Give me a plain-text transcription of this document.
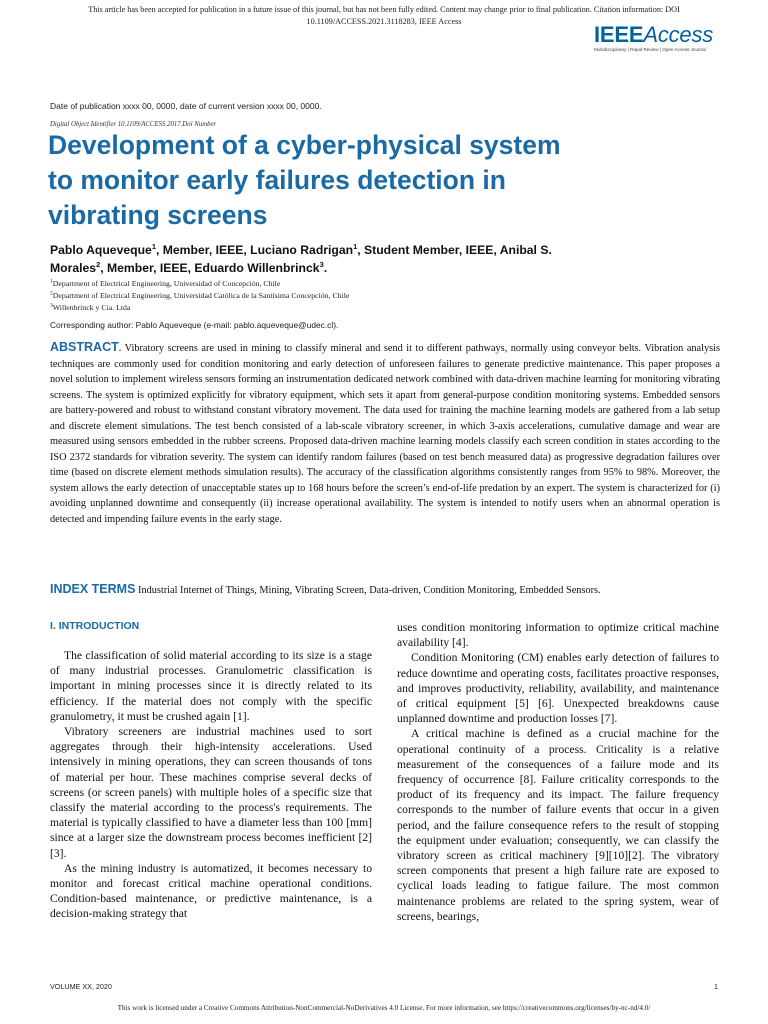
This article has been accepted for publication in a future issue of this journal, but has not been fully edited. Content may change prior to final publication. Citation information: DOI
10.1109/ACCESS.2021.3118283, IEEE Access
IEEEAccess
Multidisciplinary | Rapid Review | Open Access Journal
Date of publication xxxx 00, 0000, date of current version xxxx 00, 0000.
Digital Object Identifier 10.1109/ACCESS.2017.Doi Number
Development of a cyber-physical system
to monitor early failures detection in
vibrating screens
Pablo Aqueveque$^1$, Member, IEEE, Luciano Radrigan$^1$, Student Member, IEEE, Anibal S.
Morales$^2$, Member, IEEE, Eduardo Willenbrinck$^3$.
$^1$Department of Electrical Engineering, Universidad of Concepción, Chile
$^2$Department of Electrical Engineering, Universidad Católica de la Santísima Concepción, Chile
$^3$Willenbrinck y Cia. Ltda
Corresponding author: Pablo Aqueveque (e-mail: pablo.aqueveque@udec.cl).
ABSTRACT. Vibratory screens are used in mining to classify mineral and send it to different pathways, normally using conveyor belts. Vibration analysis techniques are commonly used for condition monitoring and early detection of unforeseen failures to generate predictive maintenance. This paper proposes a novel solution to implement wireless sensors forming an instrumentation dedicated network combined with data-driven machine learning for monitoring vibrating screens. The system is optimized explicitly for vibratory equipment, which sets it apart from general-purpose condition monitoring systems. Embedded sensors are battery-powered and robust to withstand constant vibratory movement. The data used for training the machine learning models are gathered from a lab setup and discrete element simulations. The test bench consisted of a lab-scale vibratory screener, in which 3-axis accelerations, cumulative damage and wear are measured using sensors embedded in the rubber screens. Proposed data-driven machine learning models classify each screen condition in states according to the ISO 2372 standards for vibration severity. The system can identify random failures (based on test bench measured data) as progressive degradation failures over time (based on discrete element methods simulation results). The accuracy of the classification algorithms consistently ranges from 95% to 98%. Moreover, the system allows the early detection of unacceptable states up to 168 hours before the screen’s end-of-life predation by an expert. The system is characterized for (i) avoiding unplanned downtime and consequently (ii) increase operational availability. The system is intended to notify users when an abnormal operation is detected and impending failure events in the early stage.
INDEX TERMS Industrial Internet of Things, Mining, Vibrating Screen, Data-driven, Condition Monitoring, Embedded Sensors.
I. INTRODUCTION

The classification of solid material according to its size is a stage of many industrial processes. Granulometric classification is important in mining processes since it is directly related to its efficiency. If the material does not comply with the specific granulometry, it must be crushed again [1].

Vibratory screeners are industrial machines used to sort aggregates through their high-intensity accelerations. Used intensively in mining operations, they can screen thousands of tons of material per hour. These machines comprise several decks of screens (or screen panels) with multiple holes of a specific size that classify the material according to the process's requirements. The material is typically classified to have a diameter less than 100 [mm] since at a larger size the downstream process becomes inefficient [2] [3].

As the mining industry is automatized, it becomes necessary to monitor and forecast critical machine operational conditions. Condition-based maintenance, or predictive maintenance, is a decision-making strategy that

uses condition monitoring information to optimize critical machine availability [4].

Condition Monitoring (CM) enables early detection of failures to reduce downtime and operating costs, facilitates proactive responses, and improves productivity, reliability, availability, and maintenance of critical equipment [5] [6]. Unexpected breakdowns cause unplanned downtime and production losses [7].

A critical machine is defined as a crucial machine for the operational continuity of a process. Criticality is a relative measurement of the consequences of a failure mode and its frequency of occurrence [8]. Failure criticality corresponds to the product of its frequency and its impact. The failure frequency corresponds to the number of failure events that occur in a given period, and the failure consequence refers to the result of stopping the equipment under evaluation; consequently, we can classify the vibratory screen as critical machinery [9][10][2]. The vibratory screen components that present a high failure rate are exposed to cyclical loads leading to fatigue failure. The most common maintenance problems are related to the spring system, wear of screens, bearings,

VOLUME XX, 2020	1
This work is licensed under a Creative Commons Attribution-NonCommercial-NoDerivatives 4.0 License. For more information, see https://creativecommons.org/licenses/by-nc-nd/4.0/
